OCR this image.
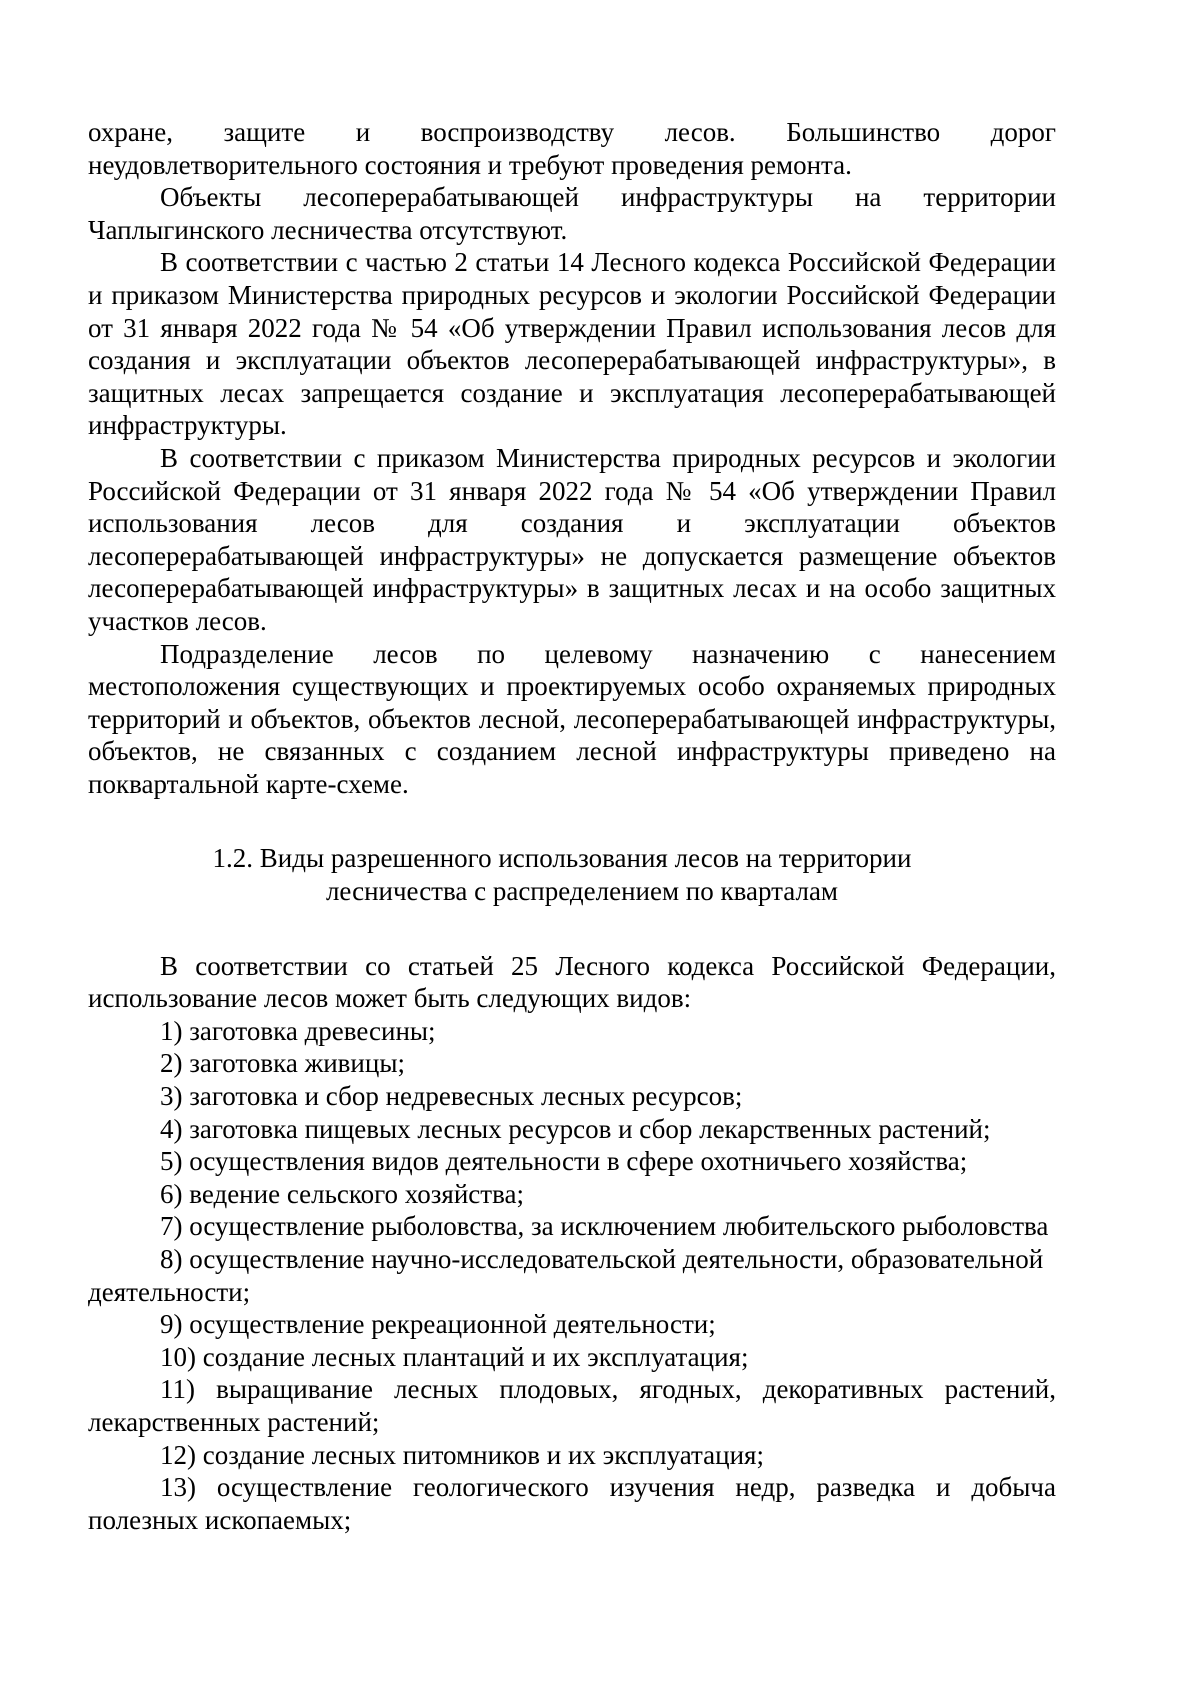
охране, защите и воспроизводству лесов. Большинство дорог неудовлетворительного состояния и требуют проведения ремонта.

Объекты лесоперерабатывающей инфраструктуры на территории Чаплыгинского лесничества отсутствуют.

В соответствии с частью 2 статьи 14 Лесного кодекса Российской Федерации и приказом Министерства природных ресурсов и экологии Российской Федерации от 31 января 2022 года № 54 «Об утверждении Правил использования лесов для создания и эксплуатации объектов лесоперерабатывающей инфраструктуры», в защитных лесах запрещается создание и эксплуатация лесоперерабатывающей инфраструктуры.

В соответствии с приказом Министерства природных ресурсов и экологии Российской Федерации от 31 января 2022 года № 54 «Об утверждении Правил использования лесов для создания и эксплуатации объектов лесоперерабатывающей инфраструктуры» не допускается размещение объектов лесоперерабатывающей инфраструктуры» в защитных лесах и на особо защитных участков лесов.

Подразделение лесов по целевому назначению с нанесением местоположения существующих и проектируемых особо охраняемых природных территорий и объектов, объектов лесной, лесоперерабатывающей инфраструктуры, объектов, не связанных с созданием лесной инфраструктуры приведено на поквартальной карте-схеме.

1.2. Виды разрешенного использования лесов на территории
лесничества с распределением по кварталам

В соответствии со статьей 25 Лесного кодекса Российской Федерации, использование лесов может быть следующих видов:

1) заготовка древесины;

2) заготовка живицы;

3) заготовка и сбор недревесных лесных ресурсов;

4) заготовка пищевых лесных ресурсов и сбор лекарственных растений;

5) осуществления видов деятельности в сфере охотничьего хозяйства;

6) ведение сельского хозяйства;

7) осуществление рыболовства, за исключением любительского рыболовства

8) осуществление научно-исследовательской деятельности, образовательной деятельности;

9) осуществление рекреационной деятельности;

10) создание лесных плантаций и их эксплуатация;

11) выращивание лесных плодовых, ягодных, декоративных растений, лекарственных растений;

12) создание лесных питомников и их эксплуатация;

13) осуществление геологического изучения недр, разведка и добыча полезных ископаемых;
